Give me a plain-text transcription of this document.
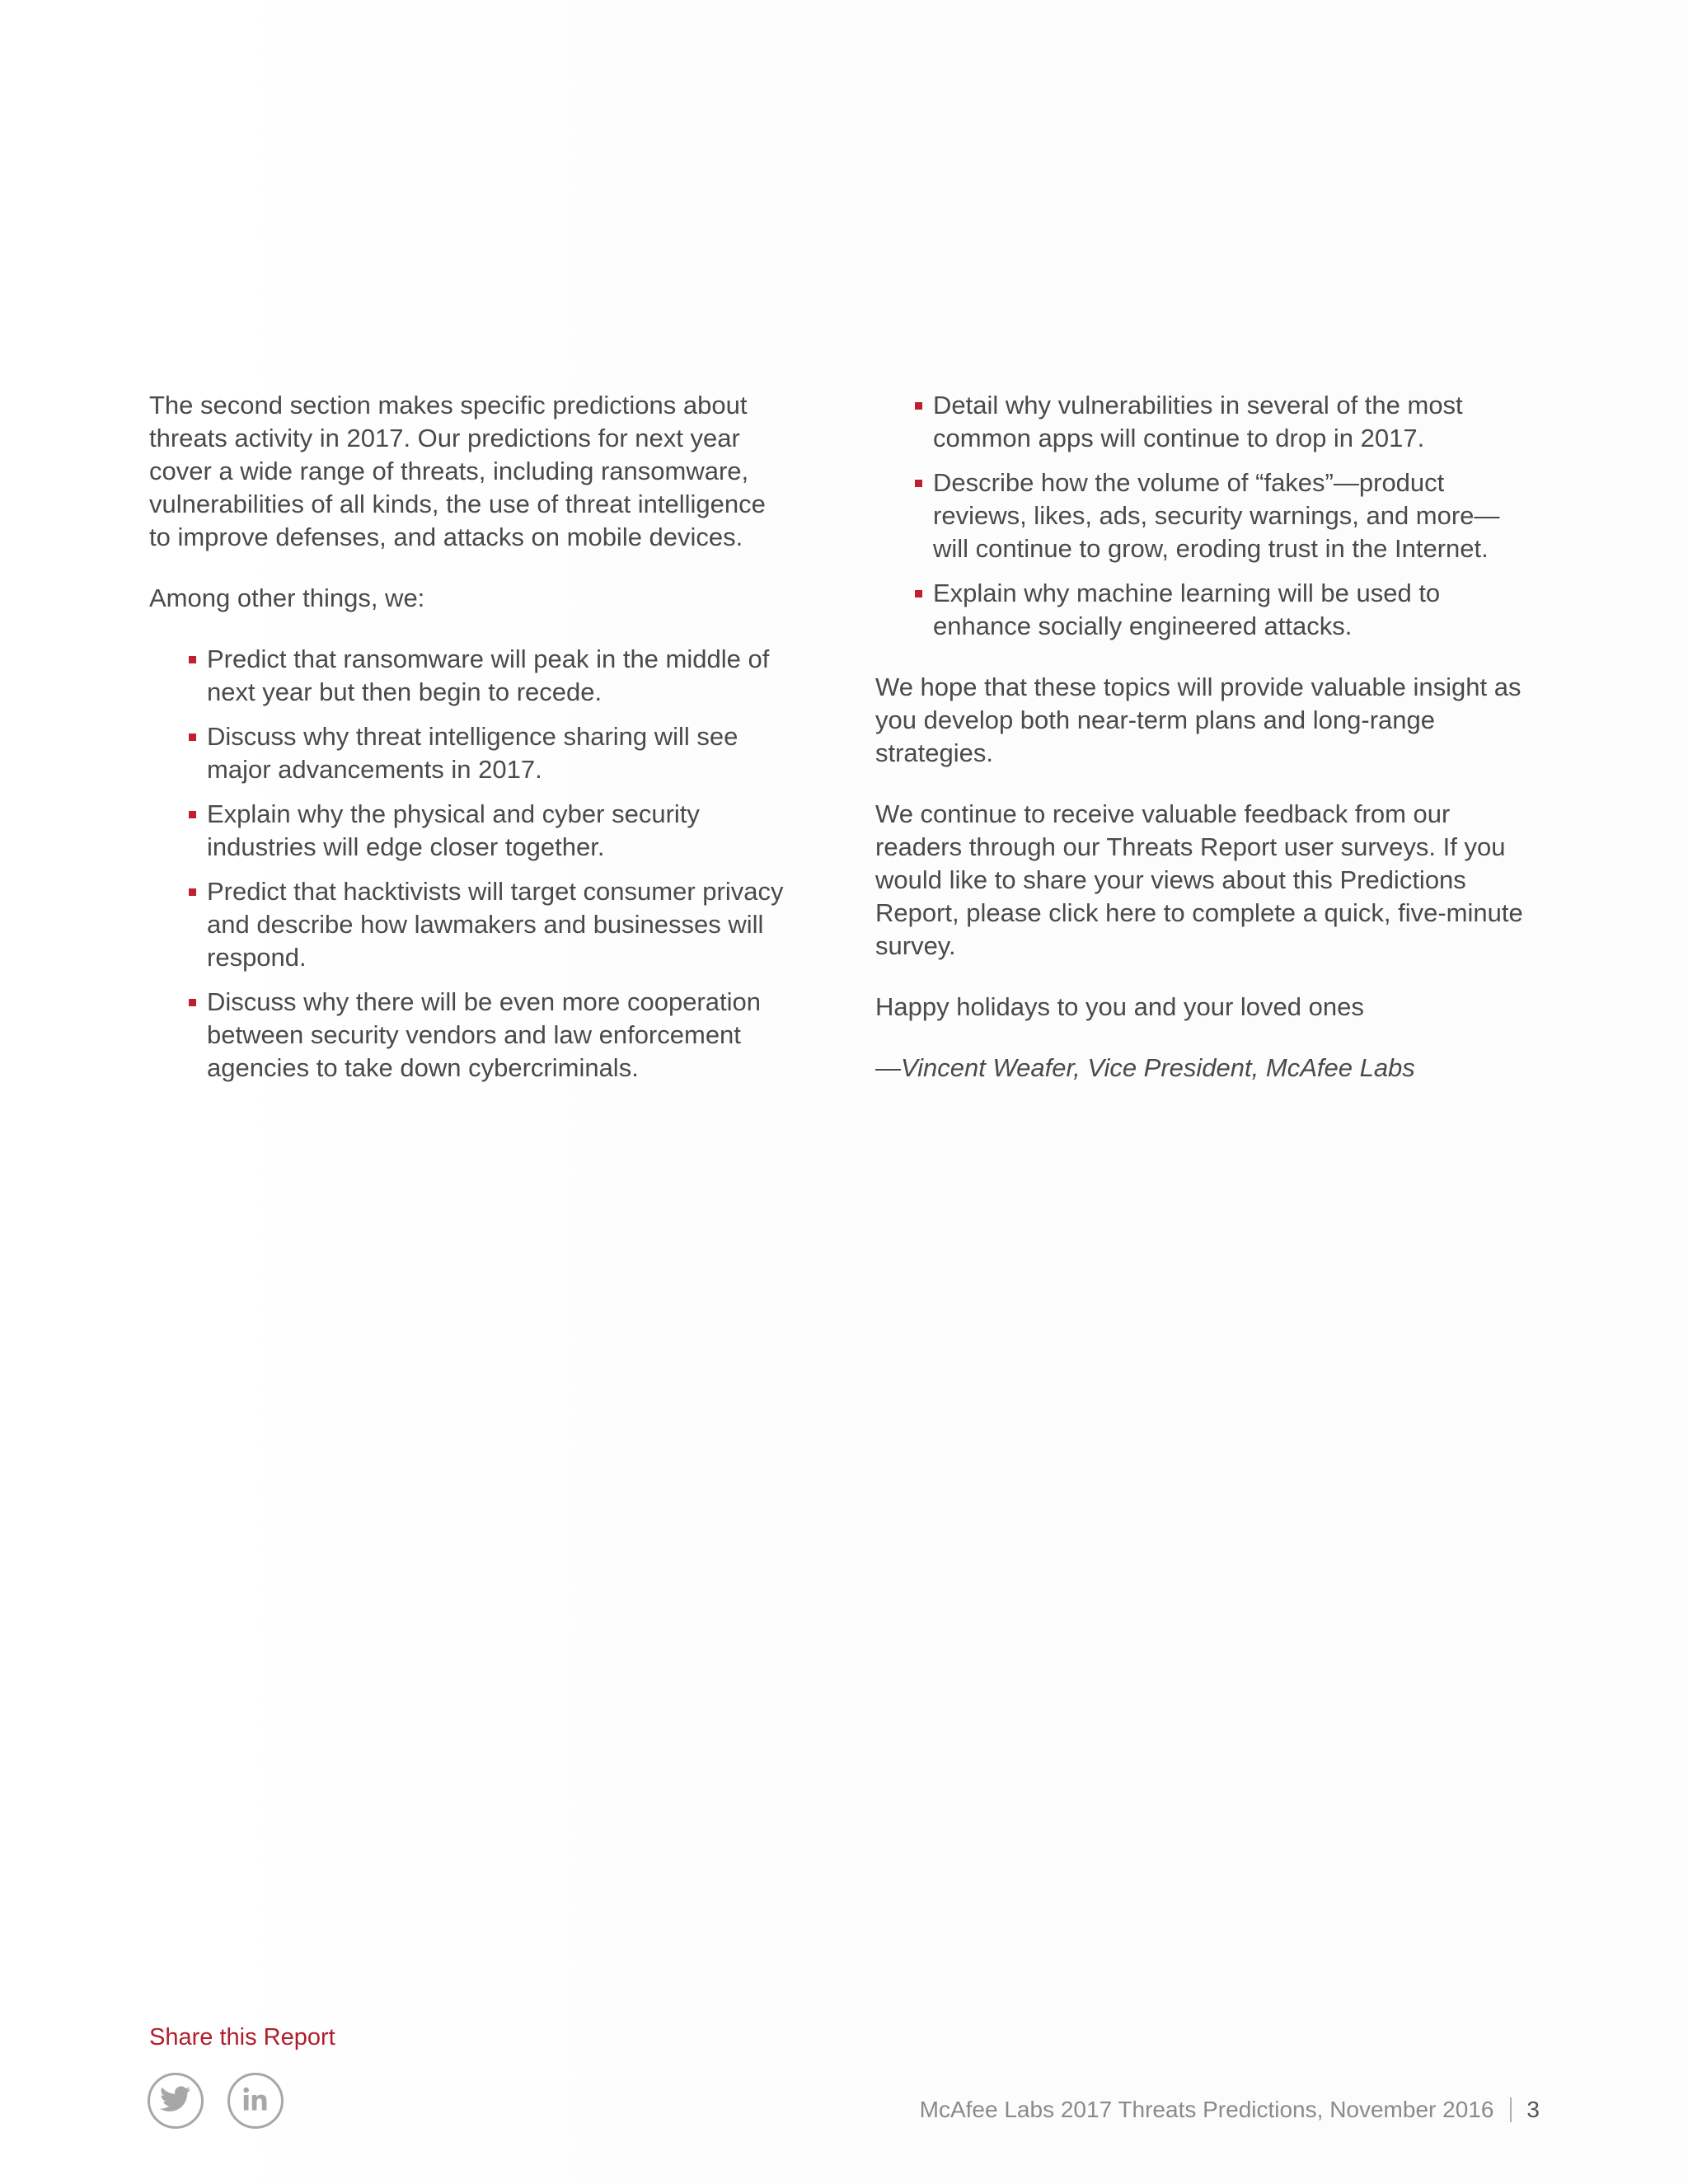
The second section makes specific predictions about threats activity in 2017. Our predictions for next year cover a wide range of threats, including ransomware, vulnerabilities of all kinds, the use of threat intelligence to improve defenses, and attacks on mobile devices.

Among other things, we:

Predict that ransomware will peak in the middle of next year but then begin to recede.
Discuss why threat intelligence sharing will see major advancements in 2017.
Explain why the physical and cyber security industries will edge closer together.
Predict that hacktivists will target consumer privacy and describe how lawmakers and businesses will respond.
Discuss why there will be even more cooperation between security vendors and law enforcement agencies to take down cybercriminals.
Detail why vulnerabilities in several of the most common apps will continue to drop in 2017.
Describe how the volume of “fakes”—product reviews, likes, ads, security warnings, and more—will continue to grow, eroding trust in the Internet.
Explain why machine learning will be used to enhance socially engineered attacks.

We hope that these topics will provide valuable insight as you develop both near-term plans and long-range strategies.

We continue to receive valuable feedback from our readers through our Threats Report user surveys. If you would like to share your views about this Predictions Report, please click here to complete a quick, five-minute survey.

Happy holidays to you and your loved ones

—Vincent Weafer, Vice President, McAfee Labs

Share this Report
McAfee Labs 2017 Threats Predictions, November 2016 3
